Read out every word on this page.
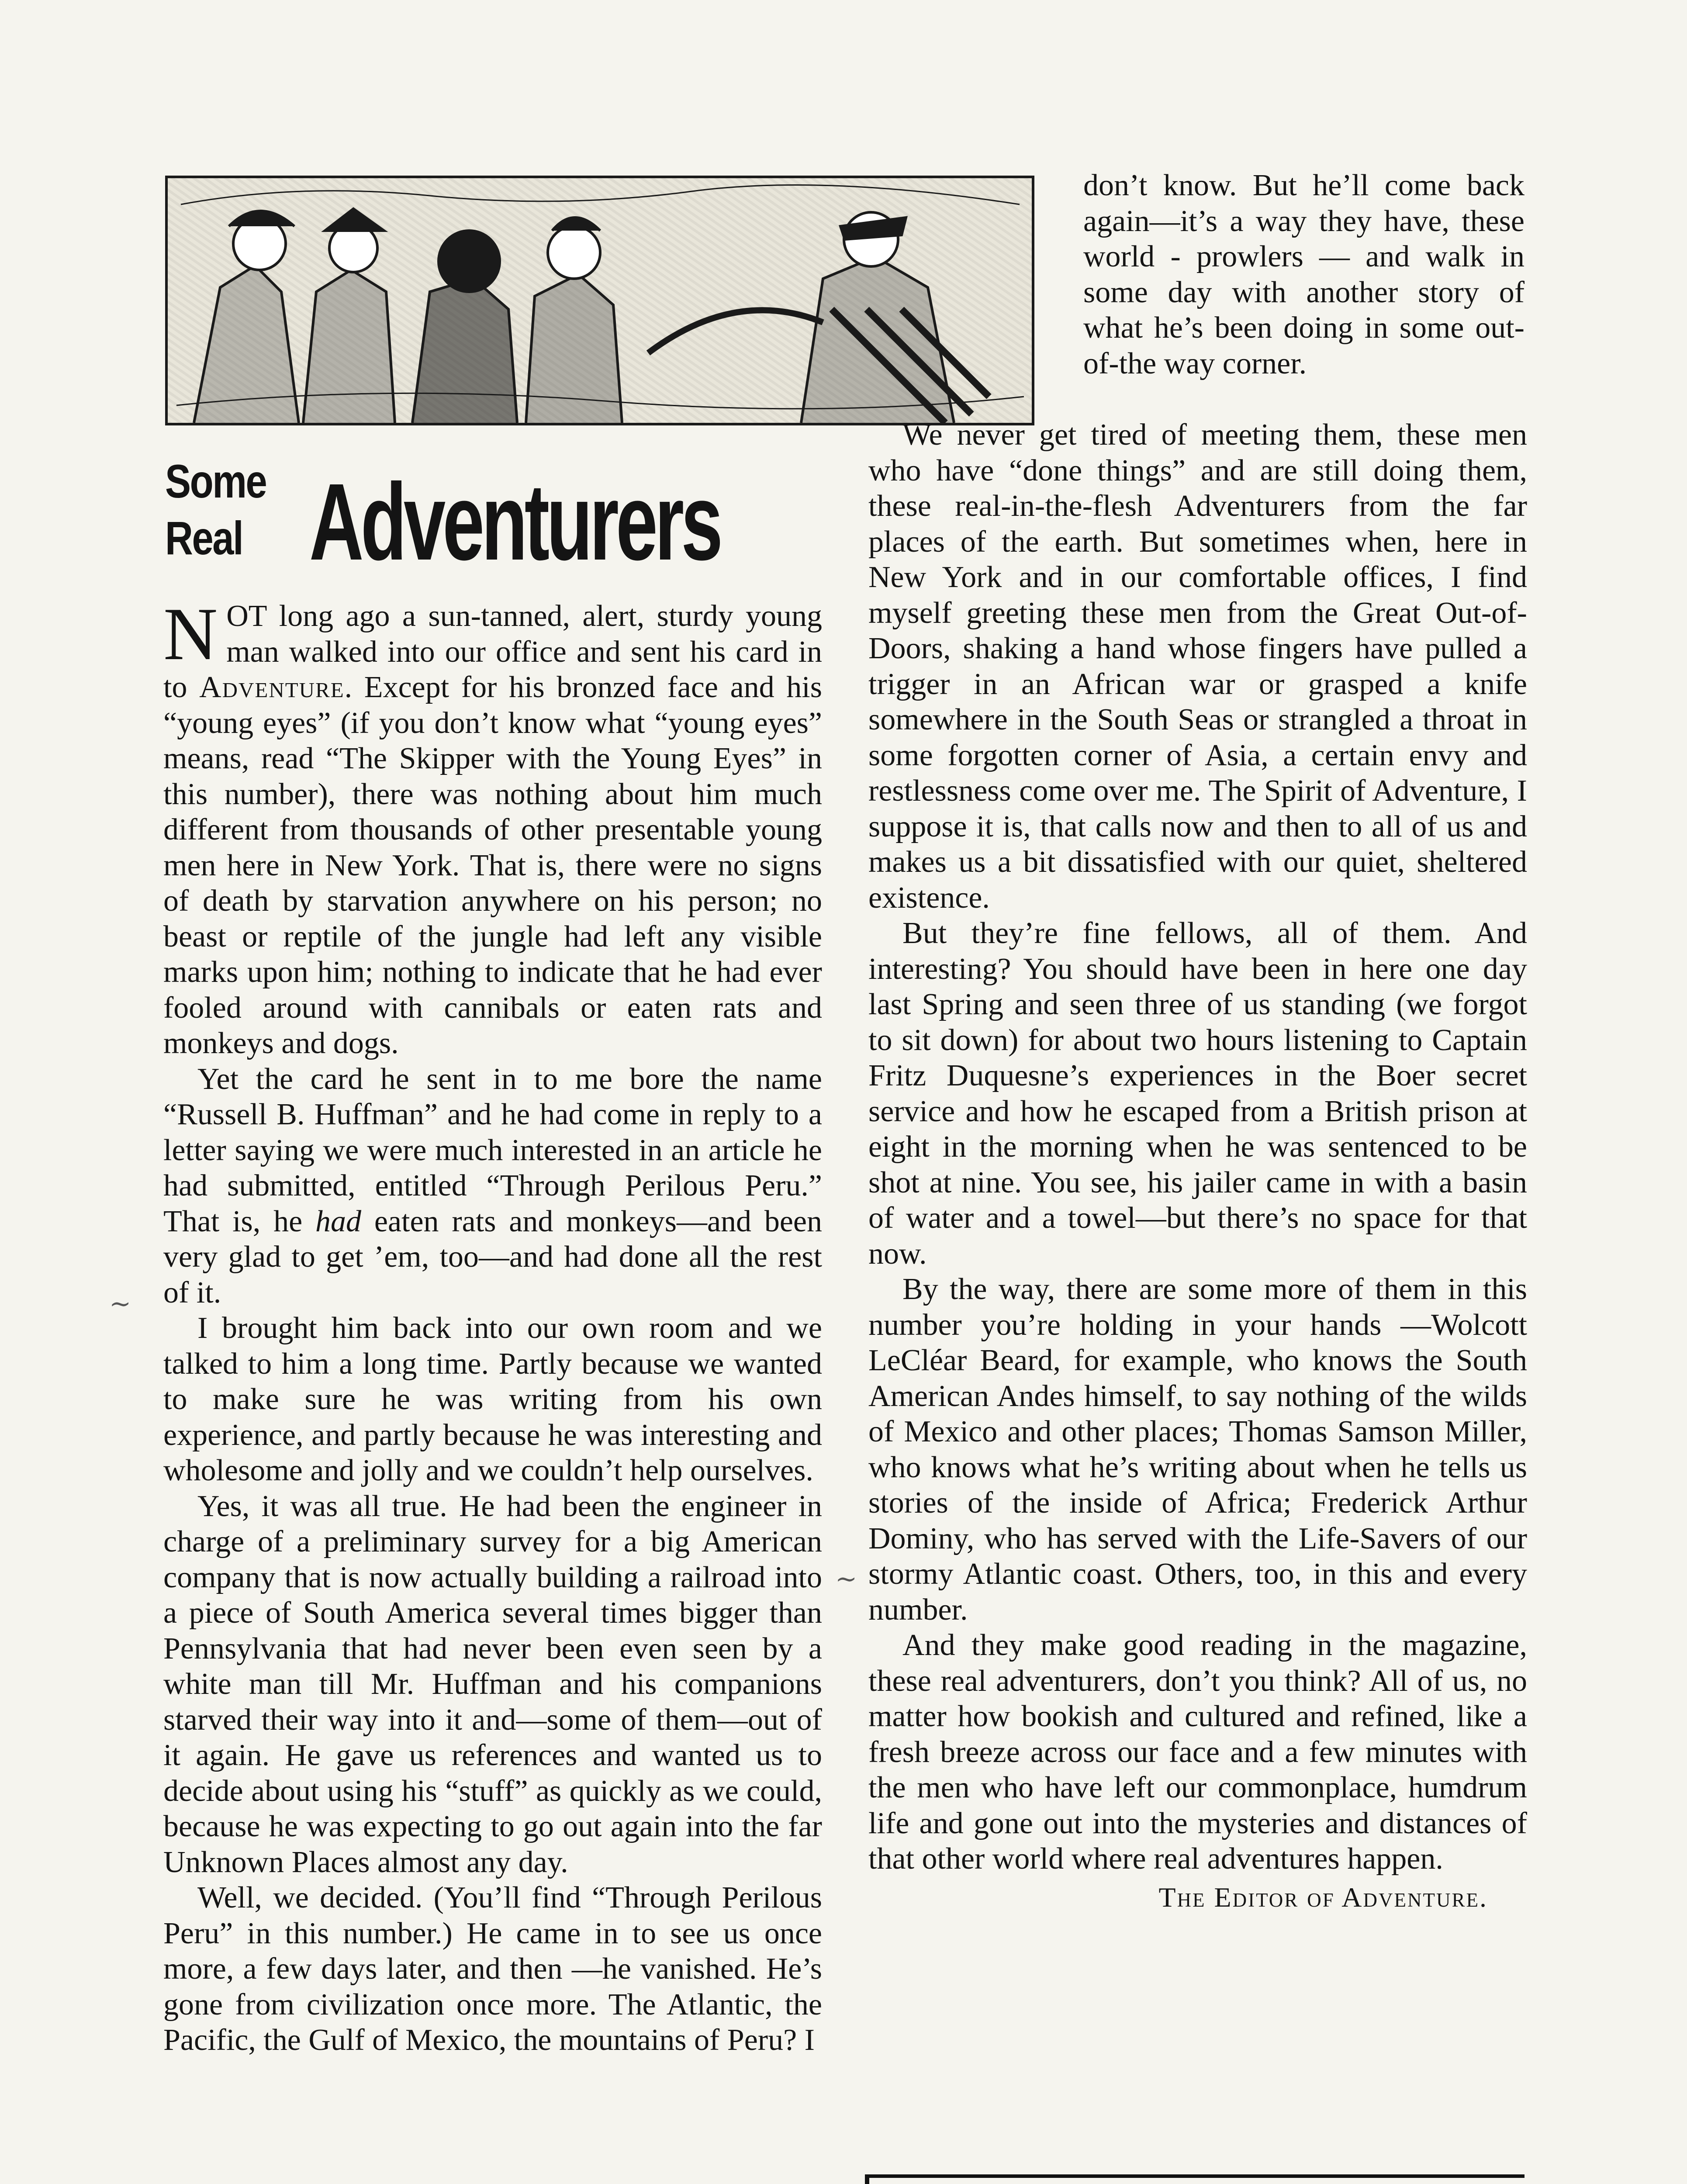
Some
Real Adventurers

NOT long ago a sun-tanned, alert, sturdy young man walked into our office and sent his card in to Adventure. Except for his bronzed face and his “young eyes” (if you don’t know what “young eyes” means, read “The Skipper with the Young Eyes” in this number), there was nothing about him much different from thousands of other presentable young men here in New York. That is, there were no signs of death by starvation anywhere on his person; no beast or reptile of the jungle had left any visible marks upon him; nothing to indicate that he had ever fooled around with cannibals or eaten rats and monkeys and dogs.

Yet the card he sent in to me bore the name “Russell B. Huffman” and he had come in reply to a letter saying we were much interested in an article he had submitted, entitled “Through Perilous Peru.” That is, he had eaten rats and monkeys—and been very glad to get ’em, too—and had done all the rest of it.

I brought him back into our own room and we talked to him a long time. Partly because we wanted to make sure he was writing from his own experience, and partly because he was interesting and wholesome and jolly and we couldn’t help ourselves.

Yes, it was all true. He had been the engineer in charge of a preliminary survey for a big American company that is now actually building a railroad into a piece of South America several times bigger than Pennsylvania that had never been even seen by a white man till Mr. Huffman and his companions starved their way into it and—some of them—out of it again. He gave us references and wanted us to decide about using his “stuff” as quickly as we could, because he was expecting to go out again into the far Unknown Places almost any day.

Well, we decided. (You’ll find “Through Perilous Peru” in this number.) He came in to see us once more, a few days later, and then —he vanished. He’s gone from civilization once more. The Atlantic, the Pacific, the Gulf of Mexico, the mountains of Peru? I

don’t know. But he’ll come back again—it’s a way they have, these world - prowlers — and walk in some day with another story of what he’s been doing in some out-of-the way corner.

We never get tired of meeting them, these men who have “done things” and are still doing them, these real-in-the-flesh Adventurers from the far places of the earth. But sometimes when, here in New York and in our comfortable offices, I find myself greeting these men from the Great Out-of-Doors, shaking a hand whose fingers have pulled a trigger in an African war or grasped a knife somewhere in the South Seas or strangled a throat in some forgotten corner of Asia, a certain envy and restlessness come over me. The Spirit of Adventure, I suppose it is, that calls now and then to all of us and makes us a bit dissatisfied with our quiet, sheltered existence.

But they’re fine fellows, all of them. And interesting? You should have been in here one day last Spring and seen three of us standing (we forgot to sit down) for about two hours listening to Captain Fritz Duquesne’s experiences in the Boer secret service and how he escaped from a British prison at eight in the morning when he was sentenced to be shot at nine. You see, his jailer came in with a basin of water and a towel—but there’s no space for that now.

By the way, there are some more of them in this number you’re holding in your hands —Wolcott LeCléar Beard, for example, who knows the South American Andes himself, to say nothing of the wilds of Mexico and other places; Thomas Samson Miller, who knows what he’s writing about when he tells us stories of the inside of Africa; Frederick Arthur Dominy, who has served with the Life-Savers of our stormy Atlantic coast. Others, too, in this and every number.

And they make good reading in the magazine, these real adventurers, don’t you think? All of us, no matter how bookish and cultured and refined, like a fresh breeze across our face and a few minutes with the men who have left our commonplace, humdrum life and gone out into the mysteries and distances of that other world where real adventures happen.

The Editor of Adventure.
∼
∼
